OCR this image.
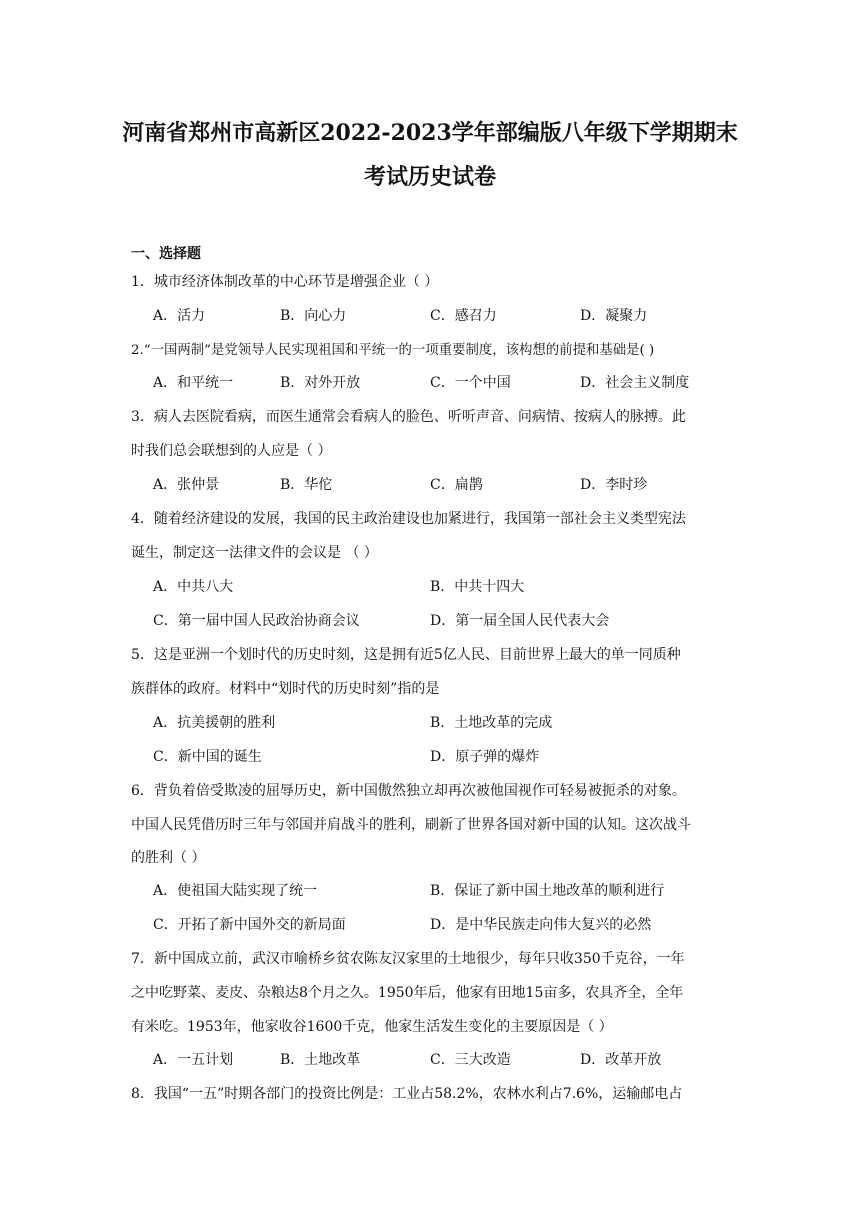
河南省郑州市高新区2022-2023学年部编版八年级下学期期末
考试历史试卷
一、选择题
1．城市经济体制改革的中心环节是增强企业（ ）
A．活力	B．向心力	C．感召力	D．凝聚力
2.“一国两制”是党领导人民实现祖国和平统一的一项重要制度，该构想的前提和基础是( )
A．和平统一	B．对外开放	C．一个中国	D．社会主义制度
3．病人去医院看病，而医生通常会看病人的脸色、听听声音、问病情、按病人的脉搏。此
时我们总会联想到的人应是（ ）
A．张仲景	B．华佗	C．扁鹊	D．李时珍
4．随着经济建设的发展，我国的民主政治建设也加紧进行，我国第一部社会主义类型宪法
诞生，制定这一法律文件的会议是 （ ）
A．中共八大	B．中共十四大
C．第一届中国人民政治协商会议	D．第一届全国人民代表大会
5．这是亚洲一个划时代的历史时刻，这是拥有近5亿人民、目前世界上最大的单一同质种
族群体的政府。材料中“划时代的历史时刻”指的是
A．抗美援朝的胜利	B．土地改革的完成
C．新中国的诞生	D．原子弹的爆炸
6．背负着倍受欺凌的屈辱历史，新中国傲然独立却再次被他国视作可轻易被扼杀的对象。
中国人民凭借历时三年与邻国并肩战斗的胜利，刷新了世界各国对新中国的认知。这次战斗
的胜利（ ）
A．使祖国大陆实现了统一	B．保证了新中国土地改革的顺利进行
C．开拓了新中国外交的新局面	D．是中华民族走向伟大复兴的必然
7．新中国成立前，武汉市喻桥乡贫农陈友汉家里的土地很少，每年只收350千克谷，一年
之中吃野菜、麦皮、杂粮达8个月之久。1950年后，他家有田地15亩多，农具齐全，全年
有米吃。1953年，他家收谷1600千克，他家生活发生变化的主要原因是（ ）
A．一五计划	B．土地改革	C．三大改造	D．改革开放
8．我国“一五”时期各部门的投资比例是：工业占58.2%，农林水利占7.6%，运输邮电占
